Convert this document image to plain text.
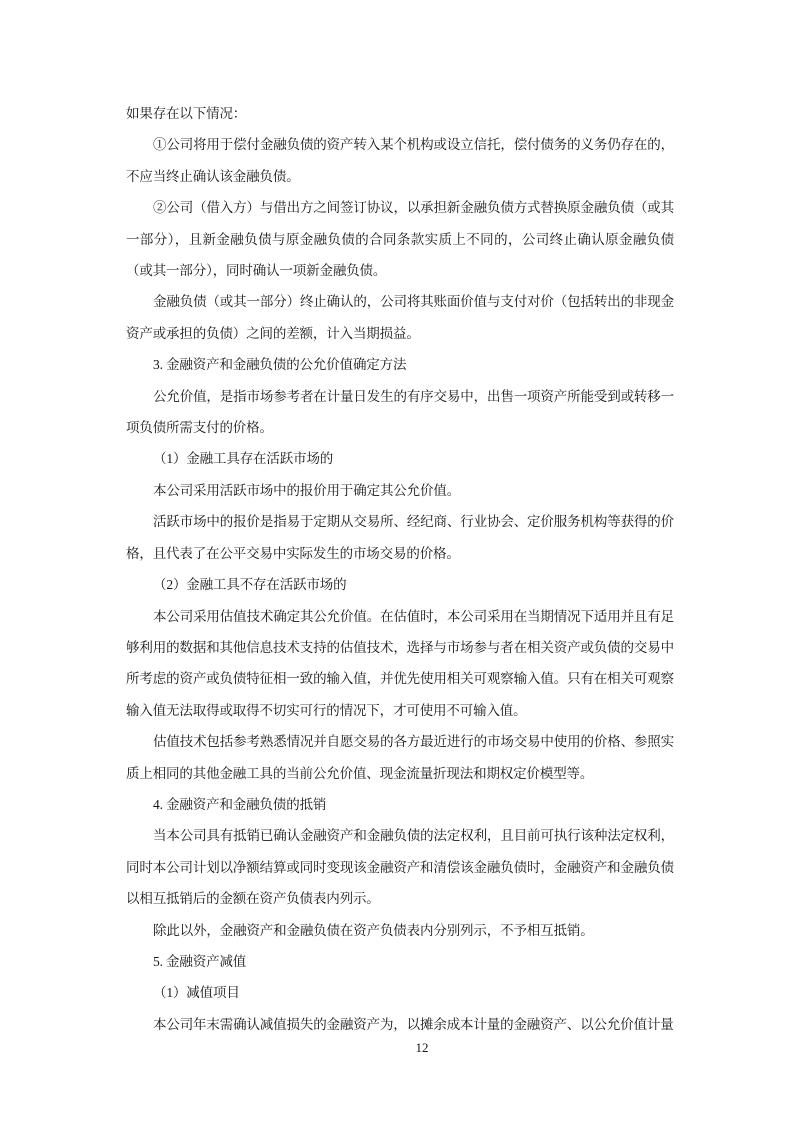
如果存在以下情况：

①公司将用于偿付金融负债的资产转入某个机构或设立信托，偿付债务的义务仍存在的，不应当终止确认该金融负债。

②公司（借入方）与借出方之间签订协议，以承担新金融负债方式替换原金融负债（或其一部分），且新金融负债与原金融负债的合同条款实质上不同的，公司终止确认原金融负债（或其一部分），同时确认一项新金融负债。

金融负债（或其一部分）终止确认的，公司将其账面价值与支付对价（包括转出的非现金资产或承担的负债）之间的差额，计入当期损益。

3. 金融资产和金融负债的公允价值确定方法

公允价值，是指市场参考者在计量日发生的有序交易中，出售一项资产所能受到或转移一项负债所需支付的价格。

（1）金融工具存在活跃市场的

本公司采用活跃市场中的报价用于确定其公允价值。

活跃市场中的报价是指易于定期从交易所、经纪商、行业协会、定价服务机构等获得的价格，且代表了在公平交易中实际发生的市场交易的价格。

（2）金融工具不存在活跃市场的

本公司采用估值技术确定其公允价值。在估值时，本公司采用在当期情况下适用并且有足够利用的数据和其他信息技术支持的估值技术，选择与市场参与者在相关资产或负债的交易中所考虑的资产或负债特征相一致的输入值，并优先使用相关可观察输入值。只有在相关可观察输入值无法取得或取得不切实可行的情况下，才可使用不可输入值。

估值技术包括参考熟悉情况并自愿交易的各方最近进行的市场交易中使用的价格、参照实质上相同的其他金融工具的当前公允价值、现金流量折现法和期权定价模型等。

4. 金融资产和金融负债的抵销

当本公司具有抵销已确认金融资产和金融负债的法定权利，且目前可执行该种法定权利，同时本公司计划以净额结算或同时变现该金融资产和清偿该金融负债时，金融资产和金融负债以相互抵销后的金额在资产负债表内列示。

除此以外，金融资产和金融负债在资产负债表内分别列示，不予相互抵销。

5. 金融资产减值

（1）减值项目

本公司年末需确认减值损失的金融资产为，以摊余成本计量的金融资产、以公允价值计量

12
